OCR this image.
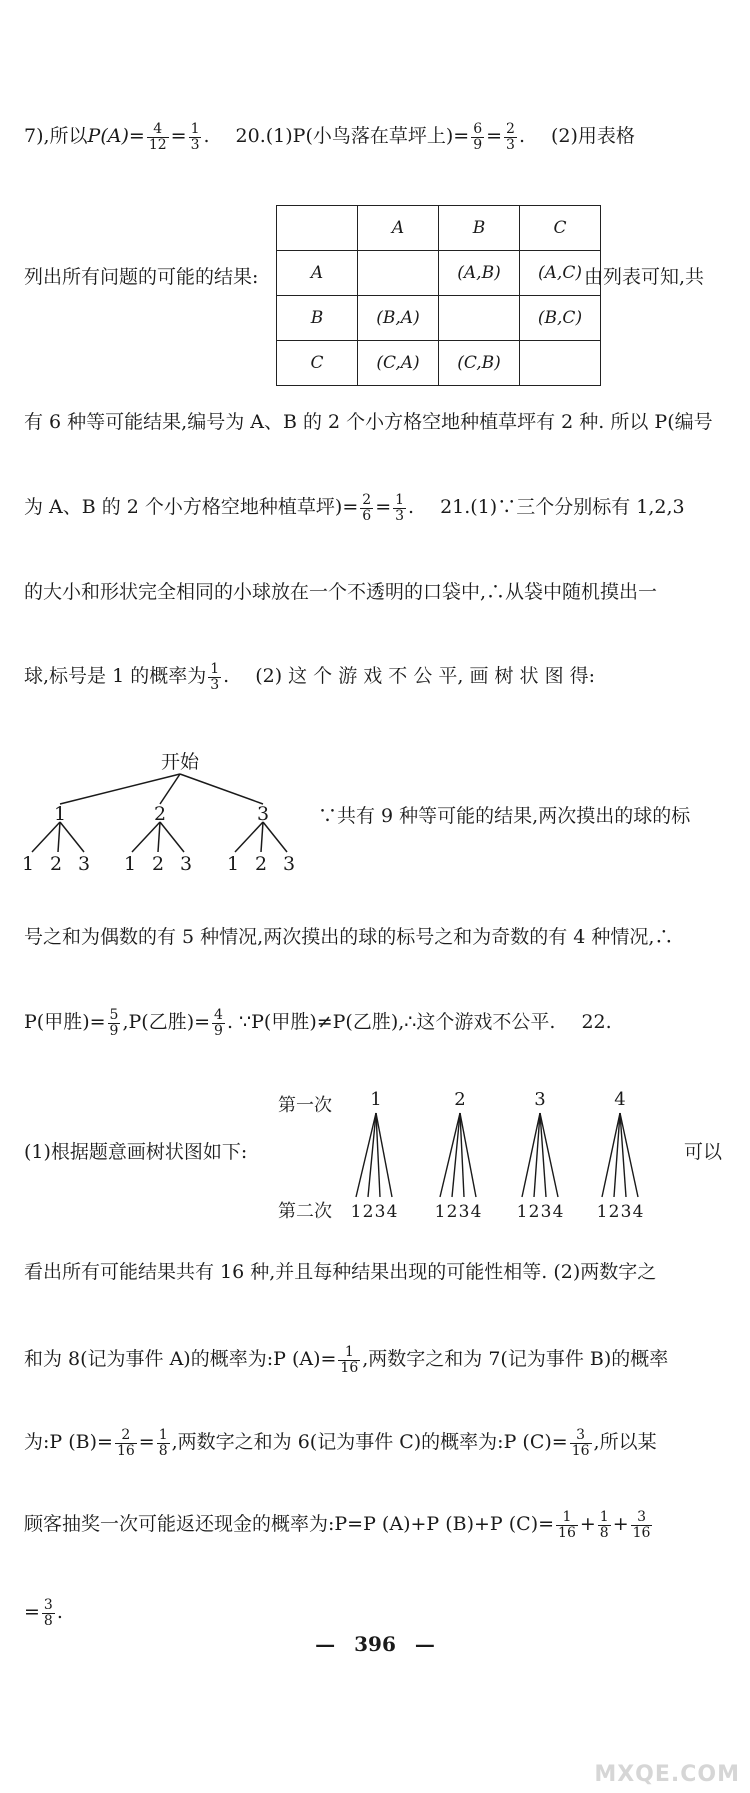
7),所以$P(A)= \frac{4}{12} = \frac{1}{3}$ . 20.(1)P(小鸟落在草坪上)= $\frac{6}{9} = \frac{2}{3}$ . (2)用表格
列出所有问题的可能的结果:	由列表可知,共
	A	B	C
A		(A,B)	(A,C)
B	(B,A)		(B,C)
C	(C,A)	(C,B)	
有 6 种等可能结果,编号为 A、B 的 2 个小方格空地种植草坪有 2 种. 所以 P(编号
为 A、B 的 2 个小方格空地种植草坪)= $\frac{2}{6} = \frac{1}{3}$ . 21.(1)∵三个分别标有 1,2,3
的大小和形状完全相同的小球放在一个不透明的口袋中,∴从袋中随机摸出一
球,标号是 1 的概率为 $\frac{1}{3}$ . (2) 这 个 游 戏 不 公 平, 画 树 状 图 得:
开始
1	2	3
1 2 3 1 2 3 1 2 3
∵共有 9 种等可能的结果,两次摸出的球的标
号之和为偶数的有 5 种情况,两次摸出的球的标号之和为奇数的有 4 种情况,∴
P(甲胜)= $\frac{5}{9} ,P$(乙胜)= $\frac{4}{9}$ . ∵P(甲胜)≠P(乙胜),∴这个游戏不公平. 22.
第一次
第二次
1	2	3	4
1 2 3 4 1 2 3 4 1 2 3 4 1 2 3 4
(1)根据题意画树状图如下:	可以
看出所有可能结果共有 16 种,并且每种结果出现的可能性相等. (2)两数字之
和为 8(记为事件 A)的概率为:P $(A)= \frac{1}{16}$ ,两数字之和为 7(记为事件 B)的概率
为:P $(B)= \frac{2}{16} = \frac{1}{8}$ ,两数字之和为 6(记为事件 C)的概率为:P $(C)= \frac{3}{16}$ ,所以某
顾客抽奖一次可能返还现金的概率为:P=P (A)+P (B)+P $(C)= \frac{1}{16} + \frac{1}{8} + \frac{3}{16}$
= $\frac{3}{8}$ .
— 396 —
MXQE.COM
